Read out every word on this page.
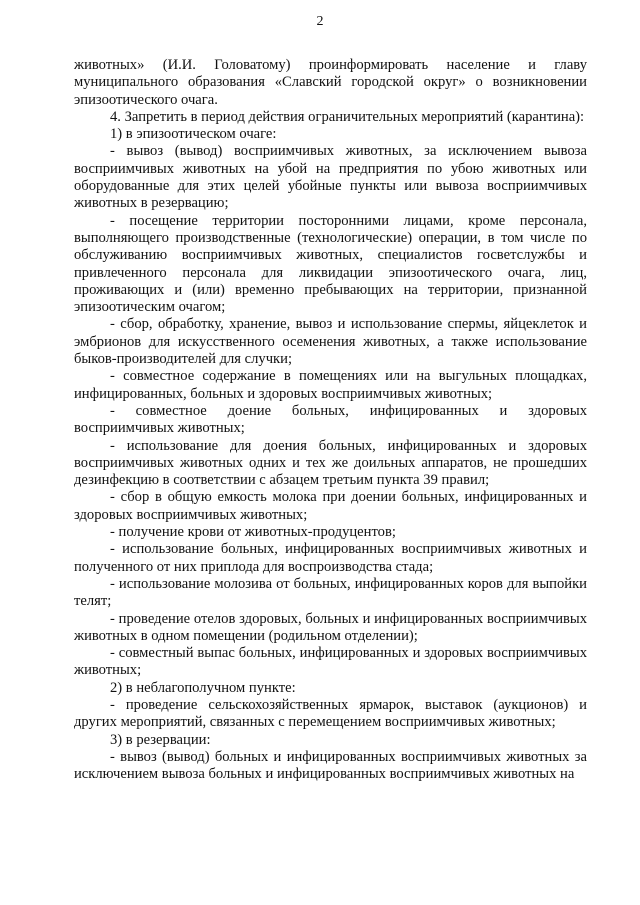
2

животных» (И.И. Головатому) проинформировать население и главу муниципального образования «Славский городской округ» о возникновении эпизоотического очага.

4. Запретить в период действия ограничительных мероприятий (карантина):

1) в эпизоотическом очаге:

- вывоз (вывод) восприимчивых животных, за исключением вывоза восприимчивых животных на убой на предприятия по убою животных или оборудованные для этих целей убойные пункты или вывоза восприимчивых животных в резервацию;

- посещение территории посторонними лицами, кроме персонала, выполняющего производственные (технологические) операции, в том числе по обслуживанию восприимчивых животных, специалистов госветслужбы и привлеченного персонала для ликвидации эпизоотического очага, лиц, проживающих и (или) временно пребывающих на территории, признанной эпизоотическим очагом;

- сбор, обработку, хранение, вывоз и использование спермы, яйцеклеток и эмбрионов для искусственного осеменения животных, а также использование быков-производителей для случки;

- совместное содержание в помещениях или на выгульных площадках, инфицированных, больных и здоровых восприимчивых животных;

- совместное доение больных, инфицированных и здоровых восприимчивых животных;

- использование для доения больных, инфицированных и здоровых восприимчивых животных одних и тех же доильных аппаратов, не прошедших дезинфекцию в соответствии с абзацем третьим пункта 39 правил;

- сбор в общую емкость молока при доении больных, инфицированных и здоровых восприимчивых животных;

- получение крови от животных-продуцентов;

- использование больных, инфицированных восприимчивых животных и полученного от них приплода для воспроизводства стада;

- использование молозива от больных, инфицированных коров для выпойки телят;

- проведение отелов здоровых, больных и инфицированных восприимчивых животных в одном помещении (родильном отделении);

- совместный выпас больных, инфицированных и здоровых восприимчивых животных;

2) в неблагополучном пункте:

- проведение сельскохозяйственных ярмарок, выставок (аукционов) и других мероприятий, связанных с перемещением восприимчивых животных;

3) в резервации:

- вывоз (вывод) больных и инфицированных восприимчивых животных за исключением вывоза больных и инфицированных восприимчивых животных на
